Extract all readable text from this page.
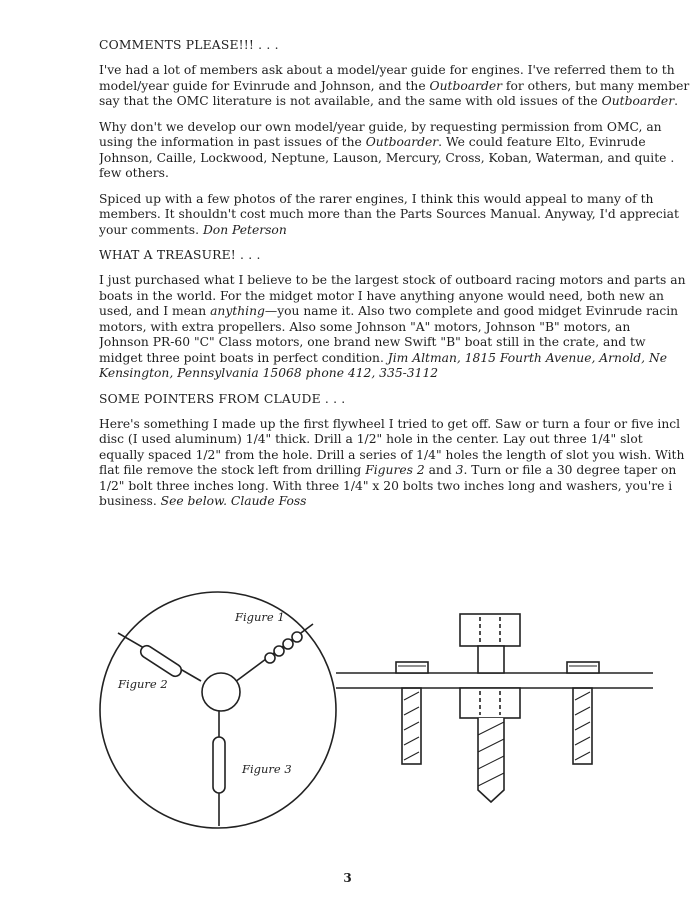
COMMENTS PLEASE!!! . . .
I've had a lot of members ask about a model/year guide for engines. I've referred them to th
model/year guide for Evinrude and Johnson, and the Outboarder for others, but many member
say that the OMC literature is not available, and the same with old issues of the Outboarder.
Why don't we develop our own model/year guide, by requesting permission from OMC, an
using the information in past issues of the Outboarder. We could feature Elto, Evinrude
Johnson, Caille, Lockwood, Neptune, Lauson, Mercury, Cross, Koban, Waterman, and quite .
few others.
Spiced up with a few photos of the rarer engines, I think this would appeal to many of th
members. It shouldn't cost much more than the Parts Sources Manual. Anyway, I'd appreciat
your comments. Don Peterson
WHAT A TREASURE! . . .
I just purchased what I believe to be the largest stock of outboard racing motors and parts an
boats in the world. For the midget motor I have anything anyone would need, both new an
used, and I mean anything—you name it. Also two complete and good midget Evinrude racin
motors, with extra propellers. Also some Johnson "A" motors, Johnson "B" motors, an
Johnson PR-60 "C" Class motors, one brand new Swift "B" boat still in the crate, and tw
midget three point boats in perfect condition. Jim Altman, 1815 Fourth Avenue, Arnold, Ne
Kensington, Pennsylvania 15068 phone 412, 335-3112
SOME POINTERS FROM CLAUDE . . .
Here's something I made up the first flywheel I tried to get off. Saw or turn a four or five incl
disc (I used aluminum) 1/4" thick. Drill a 1/2" hole in the center. Lay out three 1/4" slot
equally spaced 1/2" from the hole. Drill a series of 1/4" holes the length of slot you wish. With
flat file remove the stock left from drilling Figures 2 and 3. Turn or file a 30 degree taper on
1/2" bolt three inches long. With three 1/4" x 20 bolts two inches long and washers, you're i
business. See below. Claude Foss
Figure 1
Figure 2
Figure 3
3
